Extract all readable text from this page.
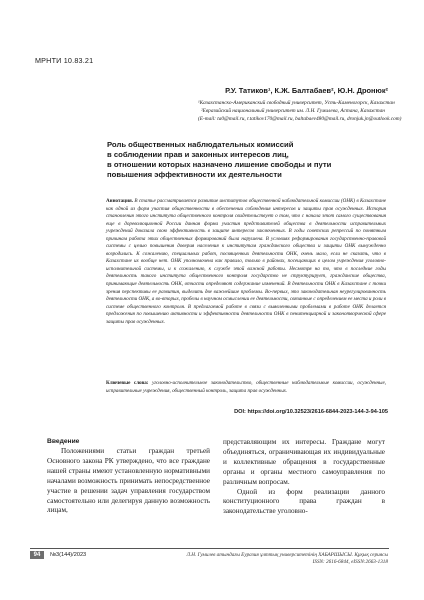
МРНТИ 10.83.21
Р.У. Татиков¹, К.Ж. Балтабаев², Ю.Н. Дронюк²
¹Казахстанско-Американский свободный университет, Усть-Каменогорск, Казахстан
²Евразийский национальный университет им. Л.Н. Гумилева, Астана, Казахстан
(E-mail: ta0@mail.ru, r.tatikov170@mail.ru, baltabaev480@mail.ru, dronjuk.jn@outlook.com)
Роль общественных наблюдательных комиссий
в соблюдении прав и законных интересов лиц,
в отношении которых назначено лишение свободы и пути
повышения эффективности их деятельности
Аннотация. В статье рассматривается развитие институтов общественной наблюдательной комиссии (ОНК) в Казахстане как одной из форм участия общественности в обеспечении соблюдения интересов и защиты прав осужденных. История становления этого института общественного контроля свидетельствует о том, что с начала этот самого существования еще в дореволюционной России данная форма участия представителей общества в деятельности исправительных учреждений доказала свою эффективность в защите интересов заключенных. В годы советских репрессий по понятным причинам работа этих общественных формирований была нарушена. В условиях реформирования государственно-правовой системы с целью повышения доверия населения к институтам гражданского общества и защиты ОНК вынужденно возродились. К сожалению, специальных работ, посвященных деятельности ОНК, очень мало, если не сказать, что в Казахстане их вообще нет. ОНК уполномочена как правило, только в районах, посещающих в целом учреждения уголовно-исполнительной системы, и к сожалению, к службе этой важной работы. Несмотря на то, что в последние годы деятельность такого института общественного контроля государство не структурирует, гражданские общества, принимающие деятельность ОНК, отчасти определяют содержание изменений. В деятельности ОНК в Казахстане с точки зрения перспективы ее развития, выделить две важнейшие проблемы. Во-первых, это законодательная неурегулированность деятельности ОНК, а во-вторых, пробелы в научном осмыслении ее деятельности, связанные с определением ее места и роли в системе общественного контроля. В предлагаемой работе в связи с выявленными проблемами в работе ОНК делается предложения по повышению активности и эффективности деятельности ОНК в пенитенциарной и законотворческой сфере защиты прав осужденных.
Ключевые слова: уголовно-исполнительное законодательство, общественные наблюдательные комиссии, осужденные, исправительные учреждения, общественный контроль, защита прав осужденных.
DOI: https://doi.org/10.32523/2616-6844-2023-144-3-94-105
Введение

Положениями статьи граждан третьей Основного закона РК утверждено, что все граждане нашей страны имеют установленную нормативными началами возможность принимать непосредственное участие в решении задач управления государством самостоятельно или делегируя данную возможность лицам,

представляющим их интересы. Граждане могут объединяться, ограничивающая их индивидуальные и коллективные обращения в государственные органы и органы местного самоуправления по различным вопросам.

Одной из форм реализации данного конституционного права граждан в законодательстве уголовно-

94	№3(144)/2023	Л.Н. Гумилев атындағы Еуразия ұлттық университетінің ХАБАРШЫСЫ. Құқық сериясы
ISSN: 2616-6844, eISSN:2663-1318
